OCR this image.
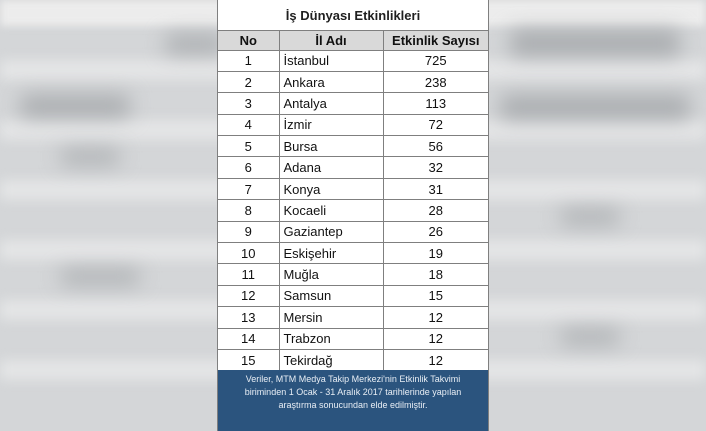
İş Dünyası Etkinlikleri
No	İl Adı	Etkinlik Sayısı
1	İstanbul	725
2	Ankara	238
3	Antalya	113
4	İzmir	72
5	Bursa	56
6	Adana	32
7	Konya	31
8	Kocaeli	28
9	Gaziantep	26
10	Eskişehir	19
11	Muğla	18
12	Samsun	15
13	Mersin	12
14	Trabzon	12
15	Tekirdağ	12
Veriler, MTM Medya Takip Merkezi'nin Etkinlik Takvimi biriminden 1 Ocak - 31 Aralık 2017 tarihlerinde yapılan araştırma sonucundan elde edilmiştir.
